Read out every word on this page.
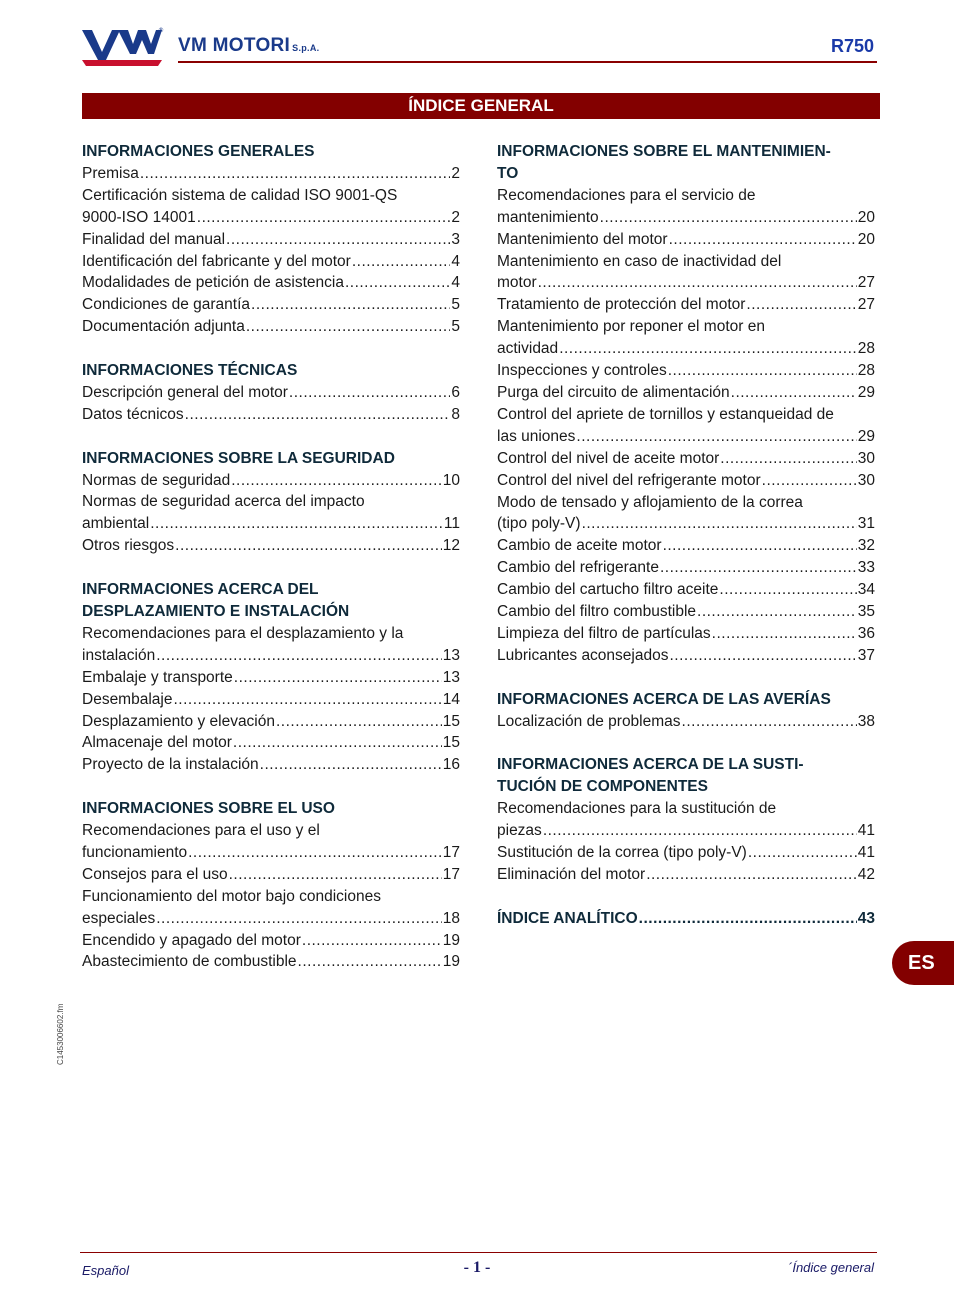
®
VM MOTORI S.p.A.	R750
ÍNDICE GENERAL
INFORMACIONES GENERALES
Premisa .....	2
Certificación sistema de calidad ISO 9001-QS
9000-ISO 14001 .....	2
Finalidad del manual .....	3
Identificación del fabricante y del motor .....	4
Modalidades de petición de asistencia .....	4
Condiciones de garantía .....	5
Documentación adjunta .....	5
INFORMACIONES TÉCNICAS
Descripción general del motor .....	6
Datos técnicos .....	8
INFORMACIONES SOBRE LA SEGURIDAD
Normas de seguridad .....	10
Normas de seguridad acerca del impacto
ambiental .....	11
Otros riesgos .....	12
INFORMACIONES ACERCA DEL
DESPLAZAMIENTO E INSTALACIÓN
Recomendaciones para el desplazamiento y la
instalación .....	13
Embalaje y transporte .....	13
Desembalaje .....	14
Desplazamiento y elevación .....	15
Almacenaje del motor .....	15
Proyecto de la instalación .....	16
INFORMACIONES SOBRE EL USO
Recomendaciones para el uso y el
funcionamiento .....	17
Consejos para el uso .....	17
Funcionamiento del motor bajo condiciones
especiales .....	18
Encendido y apagado del motor .....	19
Abastecimiento de combustible .....	19
INFORMACIONES SOBRE EL MANTENIMIEN-
TO
Recomendaciones para el servicio de
mantenimiento .....	20
Mantenimiento del motor .....	20
Mantenimiento en caso de inactividad del
motor .....	27
Tratamiento de protección del motor .....	27
Mantenimiento por reponer el motor en
actividad .....	28
Inspecciones y controles .....	28
Purga del circuito de alimentación .....	29
Control del apriete de tornillos y estanqueidad de
las uniones .....	29
Control del nivel de aceite motor .....	30
Control del nivel del refrigerante motor .....	30
Modo de tensado y aflojamiento de la correa
(tipo poly-V) .....	31
Cambio de aceite motor .....	32
Cambio del refrigerante .....	33
Cambio del cartucho filtro aceite .....	34
Cambio del filtro combustible .....	35
Limpieza del filtro de partículas .....	36
Lubricantes aconsejados .....	37
INFORMACIONES ACERCA DE LAS AVERÍAS
Localización de problemas .....	38
INFORMACIONES ACERCA DE LA SUSTI-
TUCIÓN DE COMPONENTES
Recomendaciones para la sustitución de
piezas .....	41
Sustitución de la correa (tipo poly-V) .....	41
Eliminación del motor .....	42
ÍNDICE ANALÍTICO .....	43
ES
C1453006602.fm
Español	- 1 -	´Índice general
